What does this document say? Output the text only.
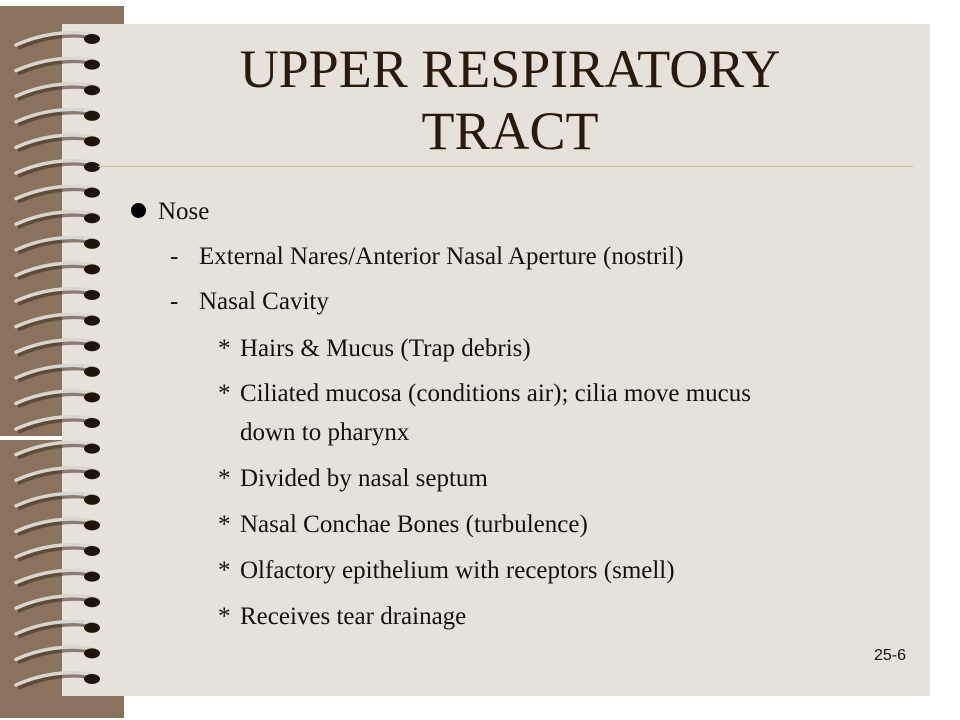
UPPER RESPIRATORY
TRACT
Nose
- External Nares/Anterior Nasal Aperture (nostril)
- Nasal Cavity
* Hairs & Mucus (Trap debris)
* Ciliated mucosa (conditions air); cilia move mucus
down to pharynx
* Divided by nasal septum
* Nasal Conchae Bones (turbulence)
* Olfactory epithelium with receptors (smell)
* Receives tear drainage
25-6
